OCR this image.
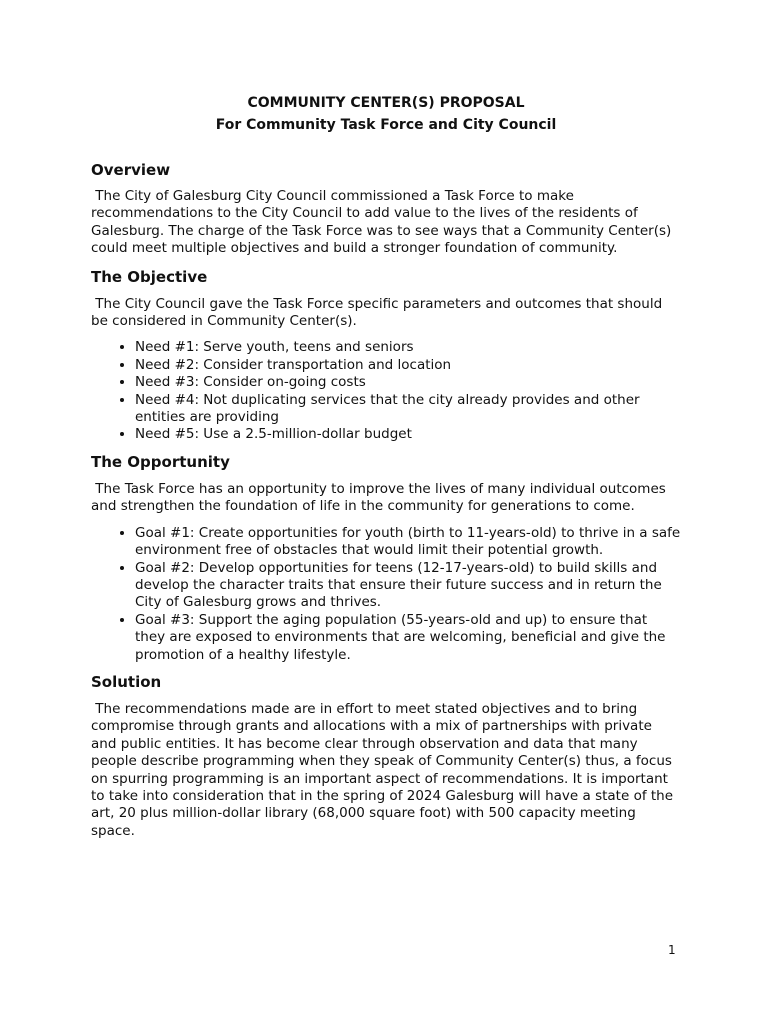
COMMUNITY CENTER(S) PROPOSAL
For Community Task Force and City Council
Overview

The City of Galesburg City Council commissioned a Task Force to make recommendations to the City Council to add value to the lives of the residents of Galesburg. The charge of the Task Force was to see ways that a Community Center(s) could meet multiple objectives and build a stronger foundation of community.

The Objective

The City Council gave the Task Force specific parameters and outcomes that should be considered in Community Center(s).

• Need #1: Serve youth, teens and seniors
• Need #2: Consider transportation and location
• Need #3: Consider on-going costs
• Need #4: Not duplicating services that the city already provides and other entities are providing
• Need #5: Use a 2.5-million-dollar budget
The Opportunity

The Task Force has an opportunity to improve the lives of many individual outcomes and strengthen the foundation of life in the community for generations to come.

• Goal #1: Create opportunities for youth (birth to 11-years-old) to thrive in a safe environment free of obstacles that would limit their potential growth.
• Goal #2: Develop opportunities for teens (12-17-years-old) to build skills and develop the character traits that ensure their future success and in return the City of Galesburg grows and thrives.
• Goal #3: Support the aging population (55-years-old and up) to ensure that they are exposed to environments that are welcoming, beneficial and give the promotion of a healthy lifestyle.
Solution

The recommendations made are in effort to meet stated objectives and to bring compromise through grants and allocations with a mix of partnerships with private and public entities. It has become clear through observation and data that many people describe programming when they speak of Community Center(s) thus, a focus on spurring programming is an important aspect of recommendations. It is important to take into consideration that in the spring of 2024 Galesburg will have a state of the art, 20 plus million-dollar library (68,000 square foot) with 500 capacity meeting space.

1
